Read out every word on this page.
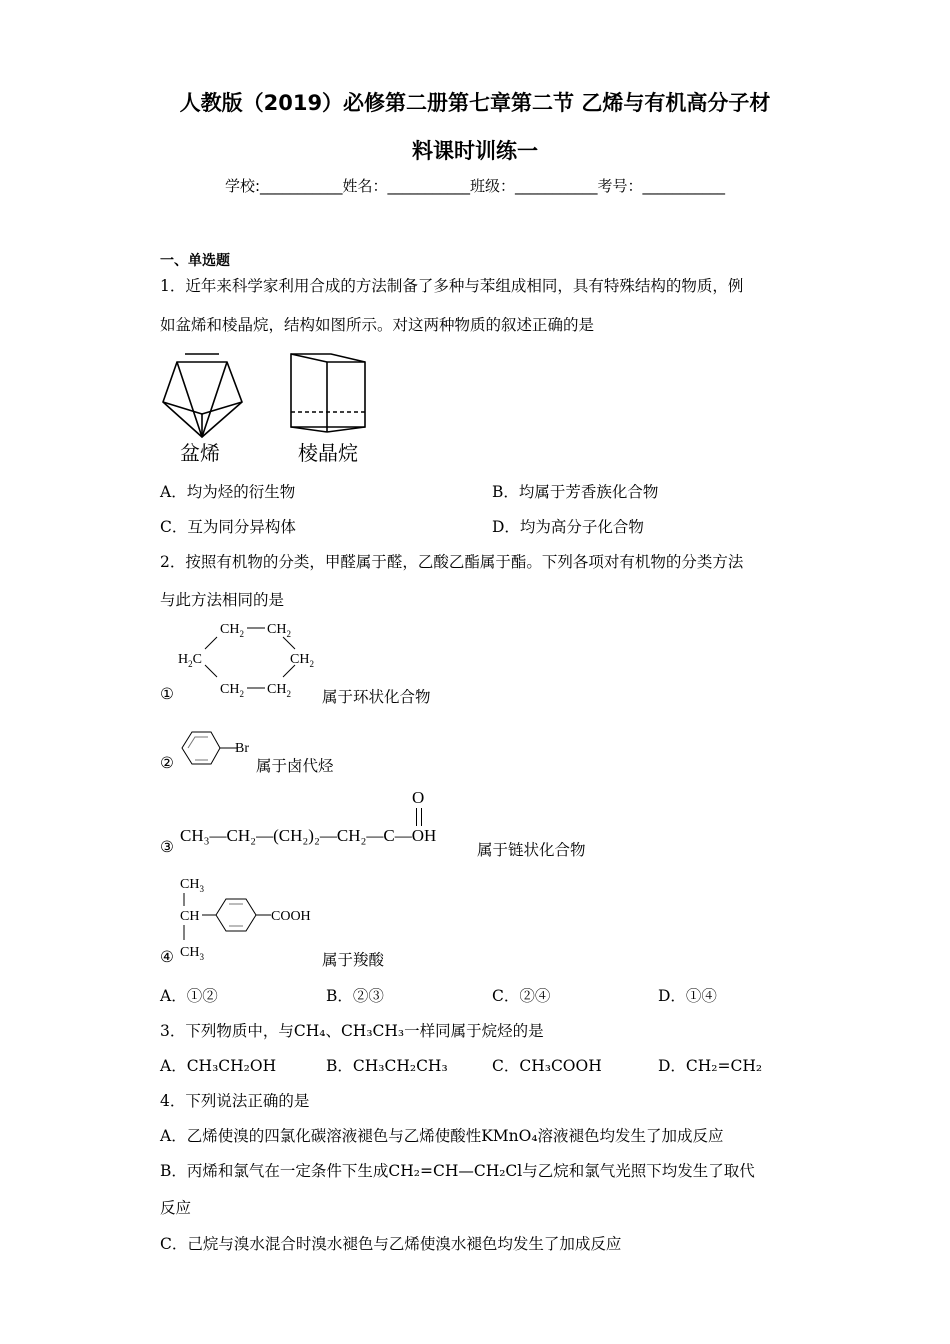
人教版（2019）必修第二册第七章第二节 乙烯与有机高分子材
料课时训练一
学校:___________姓名：___________班级：___________考号：___________
一、单选题
1．近年来科学家利用合成的方法制备了多种与苯组成相同，具有特殊结构的物质，例
如盆烯和棱晶烷，结构如图所示。对这两种物质的叙述正确的是
盆烯	棱晶烷
A．均为烃的衍生物	B．均属于芳香族化合物
C．互为同分异构体	D．均为高分子化合物
2．按照有机物的分类，甲醛属于醛，乙酸乙酯属于酯。下列各项对有机物的分类方法
与此方法相同的是
①
$CH_2$ $CH_2$
$H_2C$	$CH_2$
$CH_2$ $CH_2$ 属于环状化合物
②
Br
属于卤代烃
③
O
CH₃—CH₂—(CH₂)₂—CH₂—C—OH
属于链状化合物
$CH_3$
CH
$CH_3$
COOH
④	属于羧酸
A．①②	B．②③	C．②④	D．①④
3．下列物质中，与CH₄、CH₃CH₃一样同属于烷烃的是
A．CH₃CH₂OH	B．CH₃CH₂CH₃	C．CH₃COOH	D．CH₂=CH₂
4．下列说法正确的是
A．乙烯使溴的四氯化碳溶液褪色与乙烯使酸性KMnO₄溶液褪色均发生了加成反应
B．丙烯和氯气在一定条件下生成CH₂=CH—CH₂Cl与乙烷和氯气光照下均发生了取代
反应
C．己烷与溴水混合时溴水褪色与乙烯使溴水褪色均发生了加成反应
